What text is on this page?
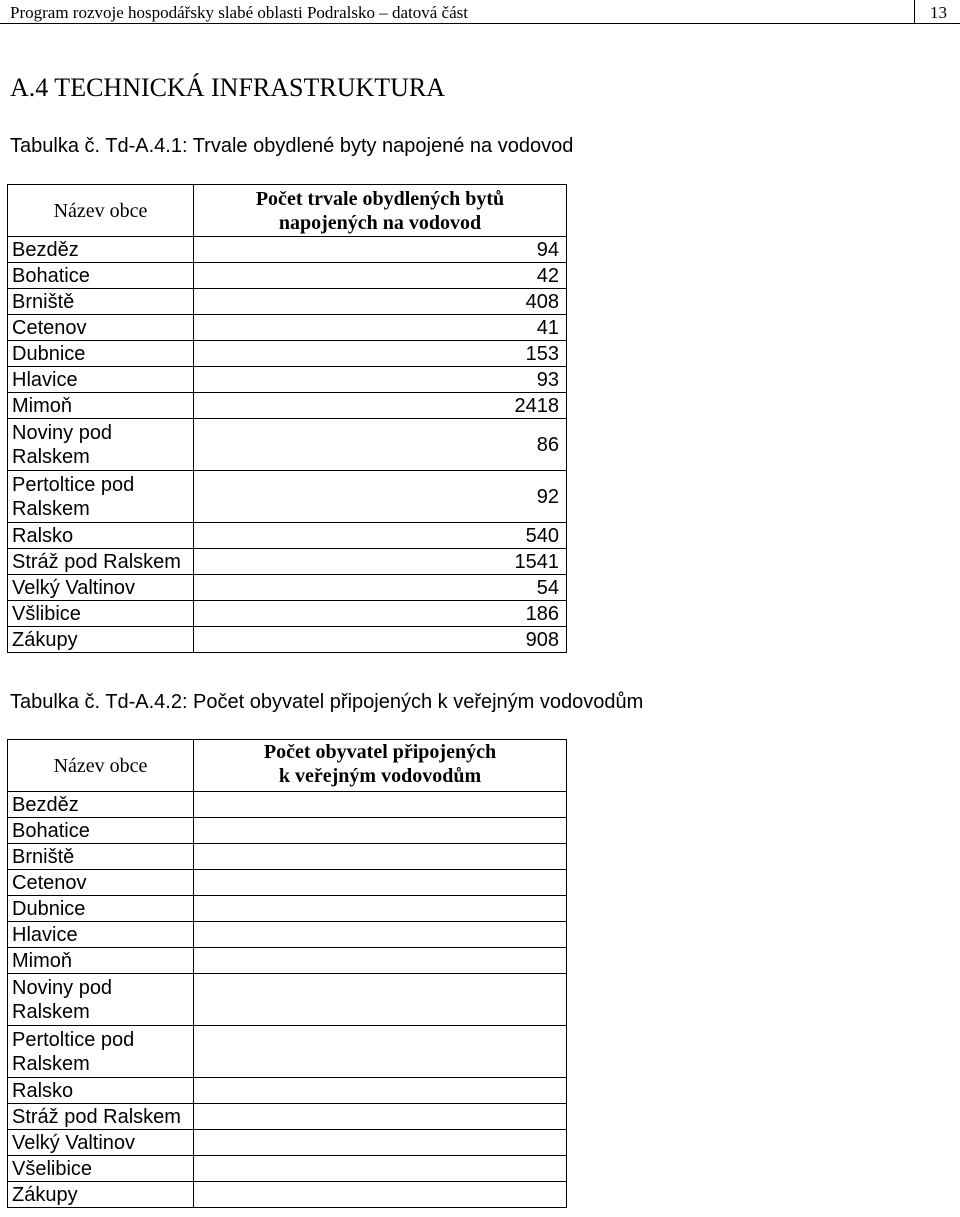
Program rozvoje hospodářsky slabé oblasti Podralsko – datová část	13
A.4 TECHNICKÁ INFRASTRUKTURA
Tabulka č. Td-A.4.1: Trvale obydlené byty napojené na vodovod
Název obce	Počet trvale obydlených bytů
napojených na vodovod

Bezděz	94
Bohatice	42
Brniště	408
Cetenov	41
Dubnice	153
Hlavice	93
Mimoň	2418

Noviny pod
Ralskem	86

Pertoltice pod
Ralskem	92
Ralsko	540
Stráž pod Ralskem	1541
Velký Valtinov	54
Všlibice	186
Zákupy	908
Tabulka č. Td-A.4.2: Počet obyvatel připojených k veřejným vodovodům
Název obce	Počet obyvatel připojených
k veřejným vodovodům

Bezděz	
Bohatice	
Brniště	
Cetenov	
Dubnice	
Hlavice	
Mimoň	

Noviny pod
Ralskem	

Pertoltice pod
Ralskem	

Ralsko	
Stráž pod Ralskem	
Velký Valtinov	
Všelibice	
Zákupy	
